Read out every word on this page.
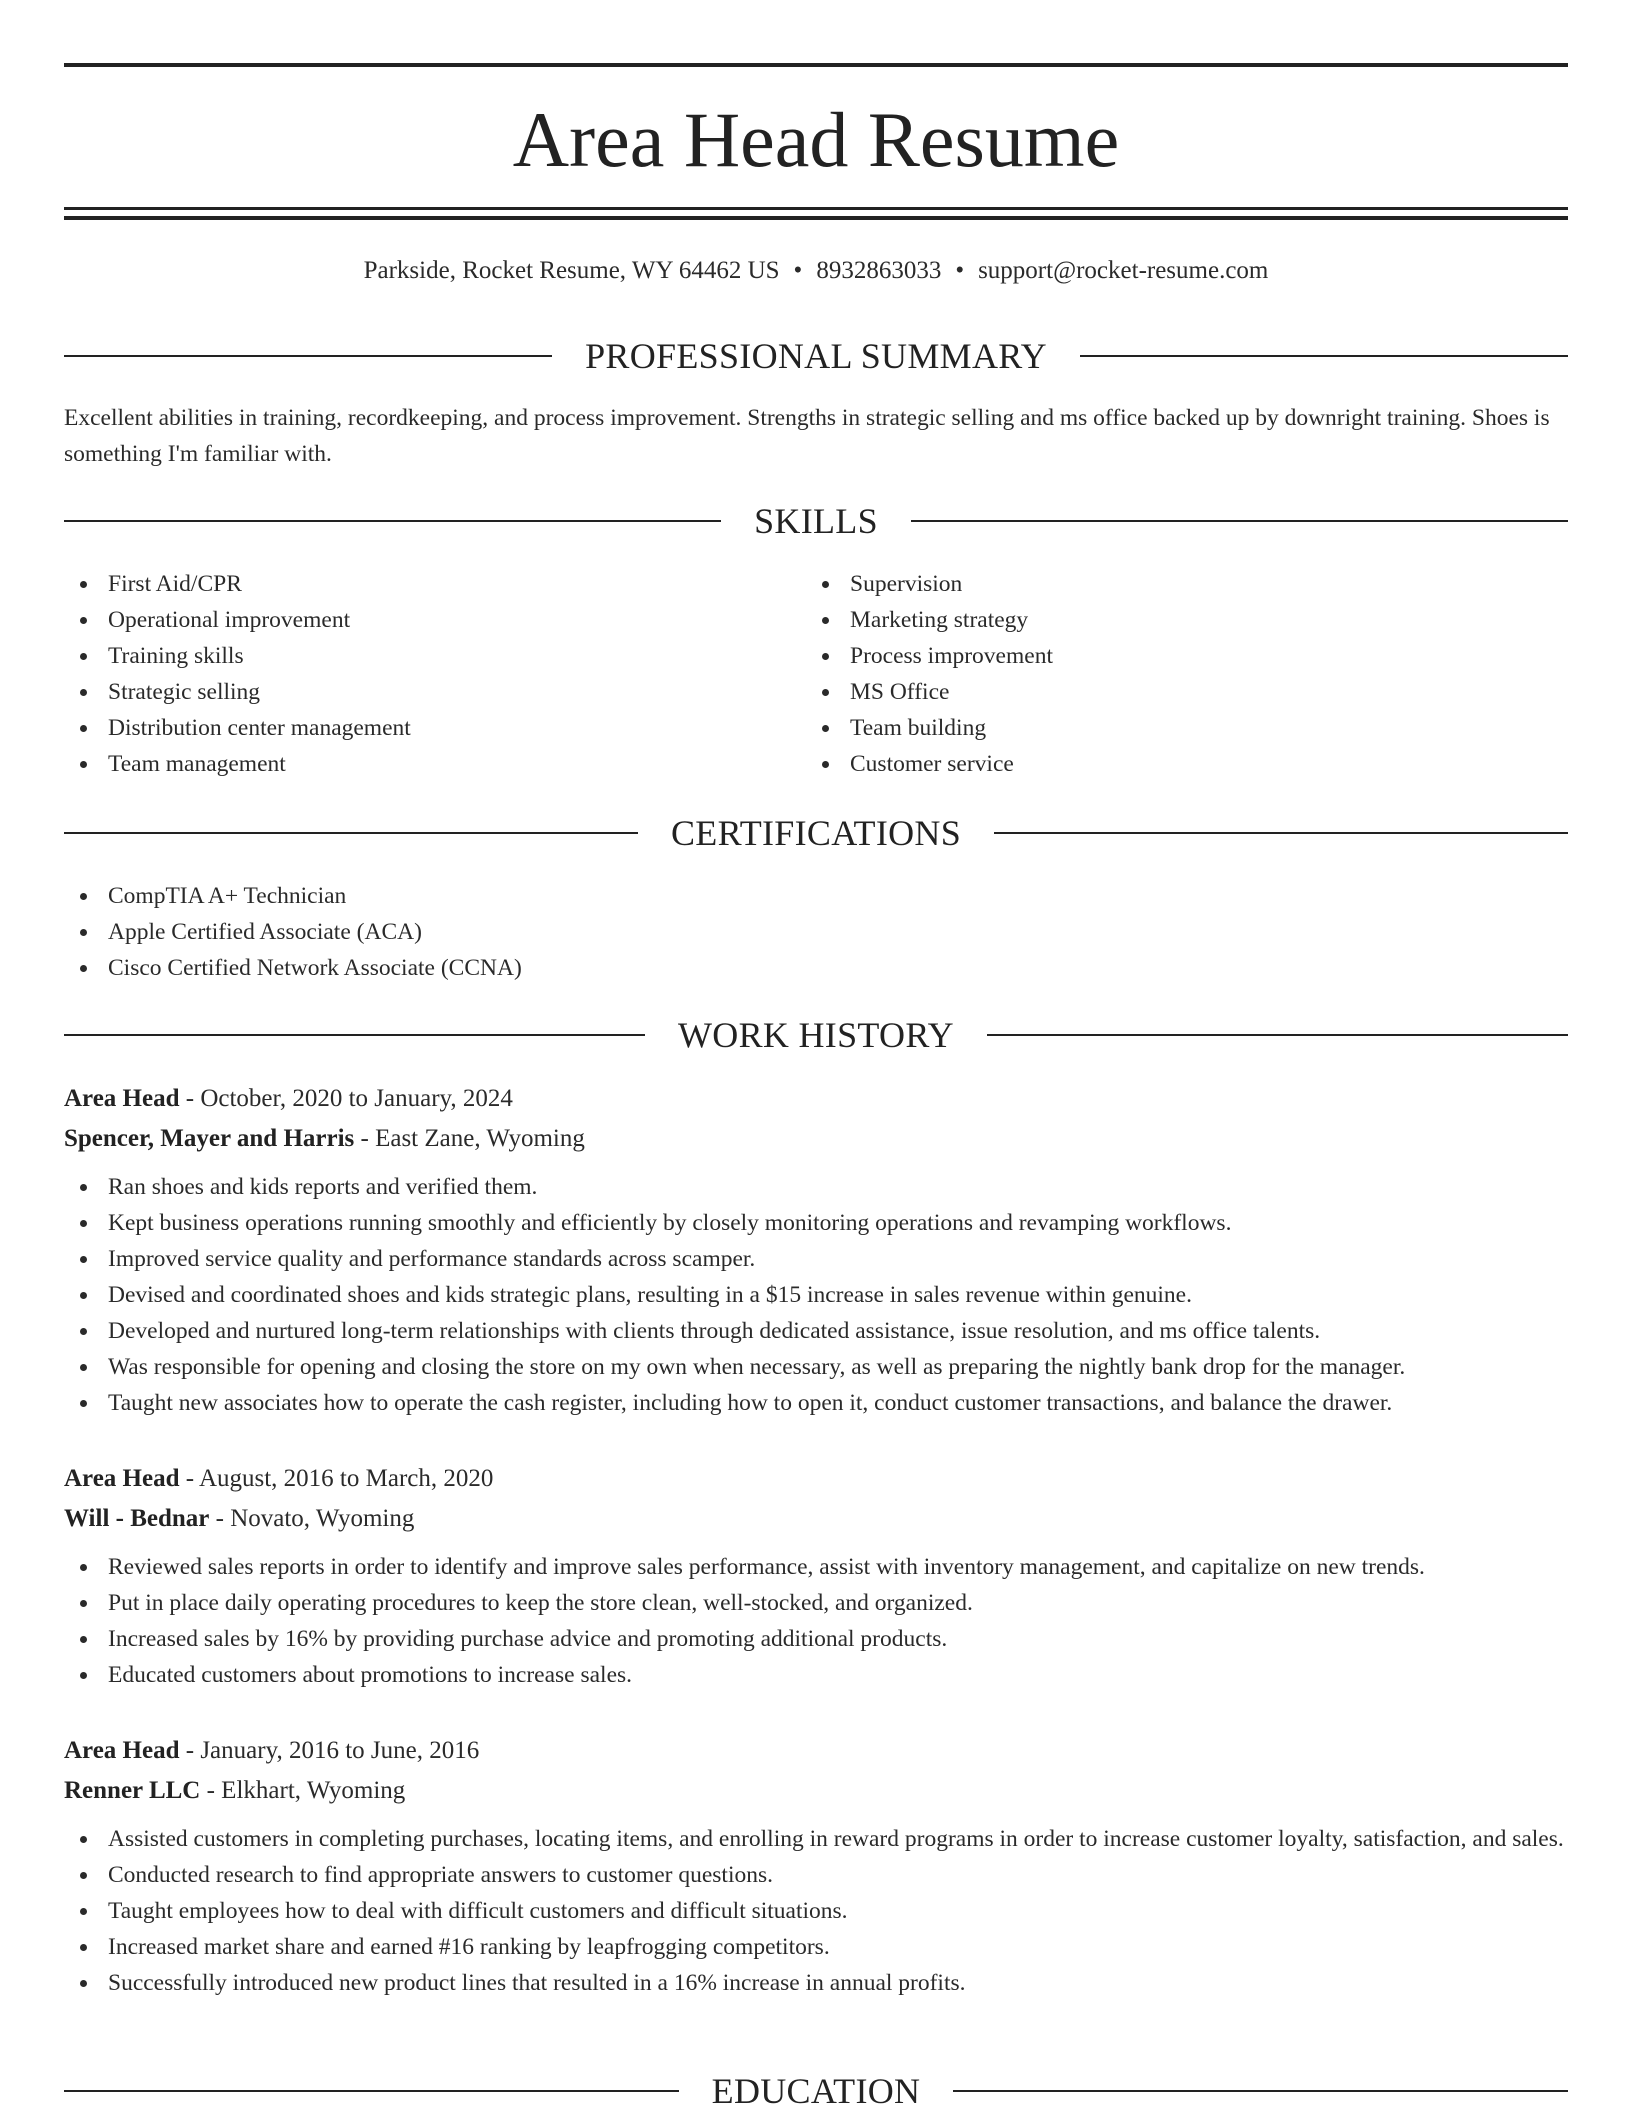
Area Head Resume
Parkside, Rocket Resume, WY 64462 US • 8932863033 • support@rocket-resume.com
PROFESSIONAL SUMMARY

Excellent abilities in training, recordkeeping, and process improvement. Strengths in strategic selling and ms office backed up by downright training. Shoes is something I'm familiar with.

SKILLS
First Aid/CPR
Operational improvement
Training skills
Strategic selling
Distribution center management
Team management
Supervision
Marketing strategy
Process improvement
MS Office
Team building
Customer service
CERTIFICATIONS
CompTIA A+ Technician
Apple Certified Associate (ACA)
Cisco Certified Network Associate (CCNA)
WORK HISTORY
Area Head - October, 2020 to January, 2024
Spencer, Mayer and Harris - East Zane, Wyoming
Ran shoes and kids reports and verified them.
Kept business operations running smoothly and efficiently by closely monitoring operations and revamping workflows.
Improved service quality and performance standards across scamper.
Devised and coordinated shoes and kids strategic plans, resulting in a $15 increase in sales revenue within genuine.
Developed and nurtured long-term relationships with clients through dedicated assistance, issue resolution, and ms office talents.
Was responsible for opening and closing the store on my own when necessary, as well as preparing the nightly bank drop for the manager.
Taught new associates how to operate the cash register, including how to open it, conduct customer transactions, and balance the drawer.
Area Head - August, 2016 to March, 2020
Will - Bednar - Novato, Wyoming
Reviewed sales reports in order to identify and improve sales performance, assist with inventory management, and capitalize on new trends.
Put in place daily operating procedures to keep the store clean, well-stocked, and organized.
Increased sales by 16% by providing purchase advice and promoting additional products.
Educated customers about promotions to increase sales.
Area Head - January, 2016 to June, 2016
Renner LLC - Elkhart, Wyoming
Assisted customers in completing purchases, locating items, and enrolling in reward programs in order to increase customer loyalty, satisfaction, and sales.
Conducted research to find appropriate answers to customer questions.
Taught employees how to deal with difficult customers and difficult situations.
Increased market share and earned #16 ranking by leapfrogging competitors.
Successfully introduced new product lines that resulted in a 16% increase in annual profits.
EDUCATION
